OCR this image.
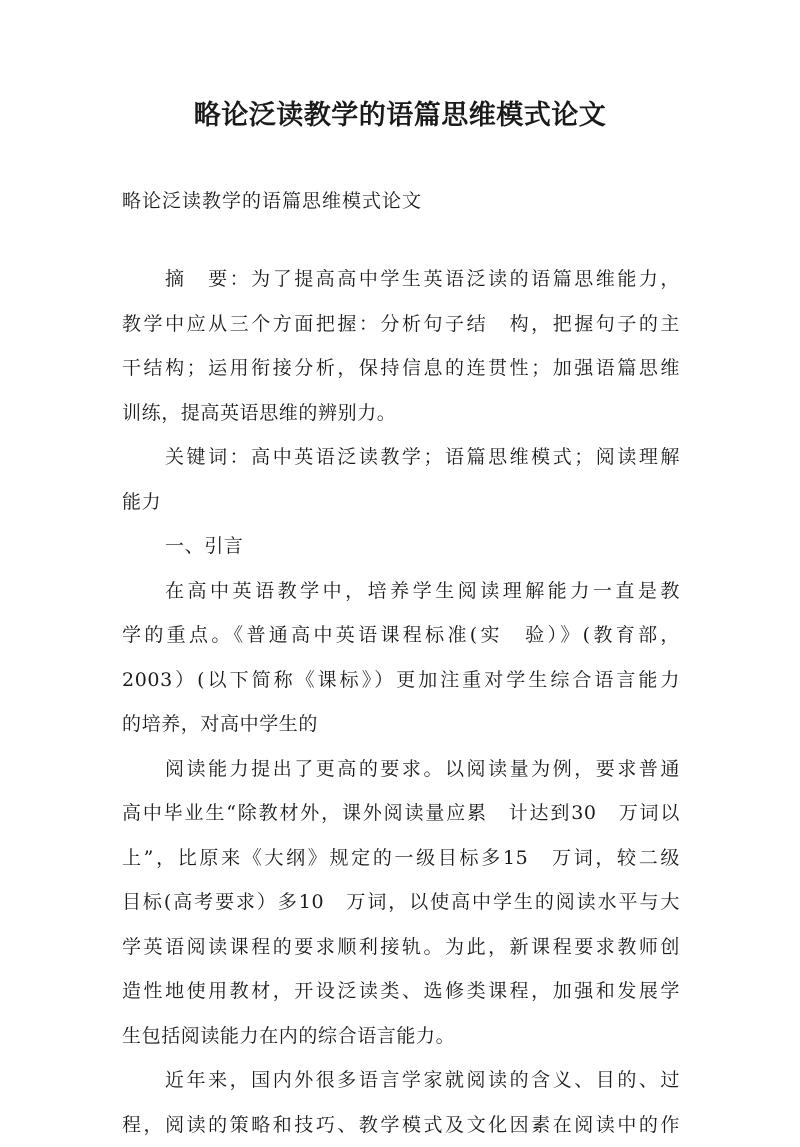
略论泛读教学的语篇思维模式论文

略论泛读教学的语篇思维模式论文

摘　要：为了提高高中学生英语泛读的语篇思维能力，
教学中应从三个方面把握：分析句子结　构，把握句子的主
干结构；运用衔接分析，保持信息的连贯性；加强语篇思维
训练，提高英语思维的辨别力。
关键词：高中英语泛读教学；语篇思维模式；阅读理解
能力
一、引言
在高中英语教学中，培养学生阅读理解能力一直是教
学的重点。《普通高中英语课程标准(实　验）》(教育部，
2003）(以下简称《课标》）更加注重对学生综合语言能力
的培养，对高中学生的
阅读能力提出了更高的要求。以阅读量为例，要求普通
高中毕业生“除教材外，课外阅读量应累　计达到30　万词以
上”，比原来《大纲》规定的一级目标多15　万词，较二级
目标(高考要求）多10　万词，以使高中学生的阅读水平与大
学英语阅读课程的要求顺利接轨。为此，新课程要求教师创
造性地使用教材，开设泛读类、选修类课程，加强和发展学
生包括阅读能力在内的综合语言能力。
近年来，国内外很多语言学家就阅读的含义、目的、过
程，阅读的策略和技巧、教学模式及文化因素在阅读中的作
